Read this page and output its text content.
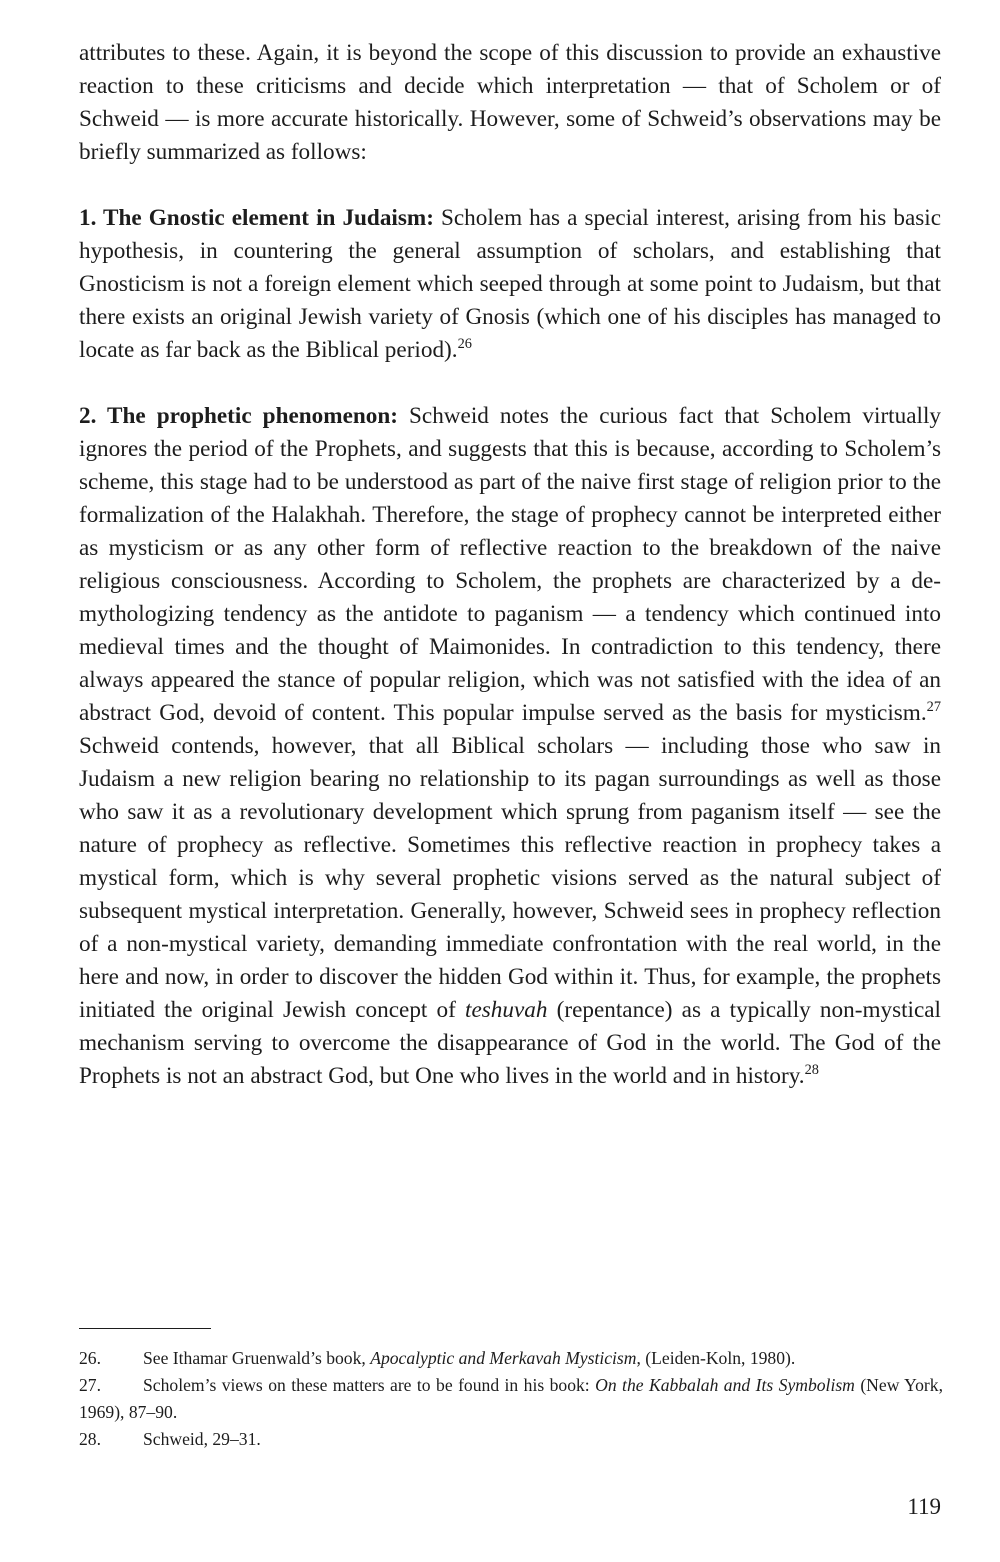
attributes to these. Again, it is beyond the scope of this discussion to provide an exhaustive reaction to these criticisms and decide which interpretation — that of Scholem or of Schweid — is more accurate historically. However, some of Schweid’s observations may be briefly summarized as follows:

1. The Gnostic element in Judaism: Scholem has a special interest, arising from his basic hypothesis, in countering the general assumption of scholars, and establishing that Gnosticism is not a foreign element which seeped through at some point to Judaism, but that there exists an original Jewish variety of Gnosis (which one of his disciples has managed to locate as far back as the Biblical period).$^{26}$

2. The prophetic phenomenon: Schweid notes the curious fact that Scholem virtually ignores the period of the Prophets, and suggests that this is because, according to Scholem’s scheme, this stage had to be understood as part of the naive first stage of religion prior to the formalization of the Halakhah. Therefore, the stage of prophecy cannot be interpreted either as mysticism or as any other form of reflective reaction to the breakdown of the naive religious consciousness. According to Scholem, the prophets are characterized by a de-mythologizing tendency as the antidote to paganism — a tendency which continued into medieval times and the thought of Maimonides. In contradiction to this tendency, there always appeared the stance of popular religion, which was not satisfied with the idea of an abstract God, devoid of content. This popular impulse served as the basis for mysticism.$^{27}$ Schweid contends, however, that all Biblical scholars — including those who saw in Judaism a new religion bearing no relationship to its pagan surroundings as well as those who saw it as a revolutionary development which sprung from paganism itself — see the nature of prophecy as reflective. Sometimes this reflective reaction in prophecy takes a mystical form, which is why several prophetic visions served as the natural subject of subsequent mystical interpretation. Generally, however, Schweid sees in prophecy reflection of a non-mystical variety, demanding immediate confrontation with the real world, in the here and now, in order to discover the hidden God within it. Thus, for example, the prophets initiated the original Jewish concept of teshuvah (repentance) as a typically non-mystical mechanism serving to overcome the disappearance of God in the world. The God of the Prophets is not an abstract God, but One who lives in the world and in history.$^{28}$

26. See Ithamar Gruenwald’s book, Apocalyptic and Merkavah Mysticism, (Leiden-Koln, 1980).

27. Scholem’s views on these matters are to be found in his book: On the Kabbalah and Its Symbolism (New York, 1969), 87–90.

28. Schweid, 29–31.

119
